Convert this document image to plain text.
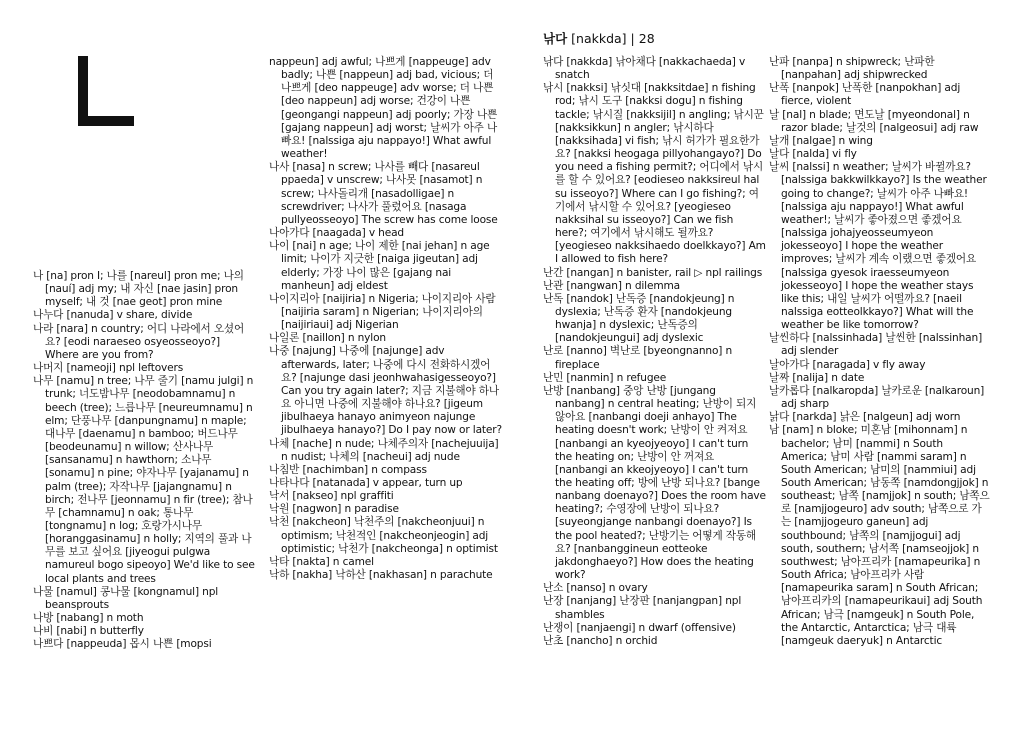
낚다 [nakkda] | 28

나 [na] pron I; 나를 [nareul] pron me; 나의 [nauí] adj my; 내 자신 [nae jasin] pron myself; 내 것 [nae geot] pron mine

나누다 [nanuda] v share, divide

나라 [nara] n country; 어디 나라에서 오셨어요? [eodi naraeseo osyeosseoyo?] Where are you from?

나머지 [nameoji] npl leftovers

나무 [namu] n tree; 나무 줄기 [namu julgi] n trunk; 너도밤나무 [neodobamnamu] n beech (tree); 느릅나무 [neureumnamu] n elm; 단풍나무 [danpungnamu] n maple; 대나무 [daenamu] n bamboo; 버드나무 [beodeunamu] n willow; 산사나무 [sansanamu] n hawthorn; 소나무 [sonamu] n pine; 야자나무 [yajanamu] n palm (tree); 자작나무 [jajangnamu] n birch; 전나무 [jeonnamu] n fir (tree); 참나무 [chamnamu] n oak; 통나무 [tongnamu] n log; 호랑가시나무 [horanggasinamu] n holly; 지역의 풀과 나무를 보고 싶어요 [jiyeogui pulgwa namureul bogo sipeoyo] We'd like to see local plants and trees

나물 [namul] 콩나물 [kongnamul] npl beansprouts

나방 [nabang] n moth

나비 [nabi] n butterfly

나쁘다 [nappeuda] 몹시 나쁜 [mopsi

nappeun] adj awful; 나쁘게 [nappeuge] adv badly; 나쁜 [nappeun] adj bad, vicious; 더 나쁘게 [deo nappeuge] adv worse; 더 나쁜 [deo nappeun] adj worse; 건강이 나쁜 [geongangi nappeun] adj poorly; 가장 나쁜 [gajang nappeun] adj worst; 날씨가 아주 나빠요! [nalssiga aju nappayo!] What awful weather!

나사 [nasa] n screw; 나사를 빼다 [nasareul ppaeda] v unscrew; 나사못 [nasamot] n screw; 나사돌리개 [nasadolligae] n screwdriver; 나사가 풀렸어요 [nasaga pullyeosseoyo] The screw has come loose

나아가다 [naagada] v head

나이 [nai] n age; 나이 제한 [nai jehan] n age limit; 나이가 지긋한 [naiga jigeutan] adj elderly; 가장 나이 많은 [gajang nai manheun] adj eldest

나이지리아 [naijiria] n Nigeria; 나이지리아 사람 [naijiria saram] n Nigerian; 나이지리아의 [naijiriaui] adj Nigerian

나일론 [naillon] n nylon

나중 [najung] 나중에 [najunge] adv afterwards, later; 나중에 다시 전화하시겠어요? [najunge dasi jeonhwahasigesseoyo?] Can you try again later?; 지금 지불해야 하나요 아니면 나중에 지불해야 하나요? [jigeum jibulhaeya hanayo animyeon najunge jibulhaeya hanayo?] Do I pay now or later?

나체 [nache] n nude; 나체주의자 [nachejuuija] n nudist; 나체의 [nacheui] adj nude

나침반 [nachimban] n compass

나타나다 [natanada] v appear, turn up

낙서 [nakseo] npl graffiti

낙원 [nagwon] n paradise

낙천 [nakcheon] 낙천주의 [nakcheonjuui] n optimism; 낙천적인 [nakcheonjeogin] adj optimistic; 낙천가 [nakcheonga] n optimist

낙타 [nakta] n camel

낙하 [nakha] 낙하산 [nakhasan] n parachute

낚다 [nakkda] 낚아채다 [nakkachaeda] v snatch

낚시 [nakksi] 낚싯대 [nakksitdae] n fishing rod; 낚시 도구 [nakksi dogu] n fishing tackle; 낚시질 [nakksijil] n angling; 낚시꾼 [nakksikkun] n angler; 낚시하다 [nakksihada] vi fish; 낚시 허가가 필요한가요? [nakksi heogaga pillyohangayo?] Do you need a fishing permit?; 어디에서 낚시를 할 수 있어요? [eodieseo nakksireul hal su isseoyo?] Where can I go fishing?; 여기에서 낚시할 수 있어요? [yeogieseo nakksihal su isseoyo?] Can we fish here?; 여기에서 낚시해도 될까요? [yeogieseo nakksihaedo doelkkayo?] Am I allowed to fish here?

난간 [nangan] n banister, rail ▷ npl railings

난관 [nangwan] n dilemma

난독 [nandok] 난독증 [nandokjeung] n dyslexia; 난독증 환자 [nandokjeung hwanja] n dyslexic; 난독증의 [nandokjeungui] adj dyslexic

난로 [nanno] 벽난로 [byeongnanno] n fireplace

난민 [nanmin] n refugee

난방 [nanbang] 중앙 난방 [jungang nanbang] n central heating; 난방이 되지 않아요 [nanbangi doeji anhayo] The heating doesn't work; 난방이 안 켜져요 [nanbangi an kyeojyeoyo] I can't turn the heating on; 난방이 안 꺼져요 [nanbangi an kkeojyeoyo] I can't turn the heating off; 방에 난방 되나요? [bange nanbang doenayo?] Does the room have heating?; 수영장에 난방이 되나요? [suyeongjange nanbangi doenayo?] Is the pool heated?; 난방기는 어떻게 작동해요? [nanbanggineun eotteoke jakdonghaeyo?] How does the heating work?

난소 [nanso] n ovary

난장 [nanjang] 난장판 [nanjangpan] npl shambles

난쟁이 [nanjaengi] n dwarf (offensive)

난초 [nancho] n orchid

난파 [nanpa] n shipwreck; 난파한 [nanpahan] adj shipwrecked

난폭 [nanpok] 난폭한 [nanpokhan] adj fierce, violent

날 [nal] n blade; 면도날 [myeondonal] n razor blade; 날것의 [nalgeosui] adj raw

날개 [nalgae] n wing

날다 [nalda] vi fly

날씨 [nalssi] n weather; 날씨가 바뀔까요? [nalssiga bakkwilkkayo?] Is the weather going to change?; 날씨가 아주 나빠요! [nalssiga aju nappayo!] What awful weather!; 날씨가 좋아졌으면 좋겠어요 [nalssiga johajyeosseumyeon jokesseoyo] I hope the weather improves; 날씨가 계속 이랬으면 좋겠어요 [nalssiga gyesok iraesseumyeon jokesseoyo] I hope the weather stays like this; 내일 날씨가 어떨까요? [naeil nalssiga eotteolkkayo?] What will the weather be like tomorrow?

날씬하다 [nalssinhada] 날씬한 [nalssinhan] adj slender

날아가다 [naragada] v fly away

날짜 [nalija] n date

날카롭다 [nalkaropda] 날카로운 [nalkaroun] adj sharp

낡다 [narkda] 낡은 [nalgeun] adj worn

남 [nam] n bloke; 미혼남 [mihonnam] n bachelor; 남미 [nammi] n South America; 남미 사람 [nammi saram] n South American; 남미의 [nammiui] adj South American; 남동쪽 [namdongjjok] n southeast; 남쪽 [namjjok] n south; 남쪽으로 [namjjogeuro] adv south; 남쪽으로 가는 [namjjogeuro ganeun] adj southbound; 남쪽의 [namjjogui] adj south, southern; 남서쪽 [namseojjok] n southwest; 남아프리카 [namapeurika] n South Africa; 남아프리카 사람 [namapeurika saram] n South African; 남아프리카의 [namapeurikaui] adj South African; 남극 [namgeuk] n South Pole, the Antarctic, Antarctica; 남극 대륙 [namgeuk daeryuk] n Antarctic
